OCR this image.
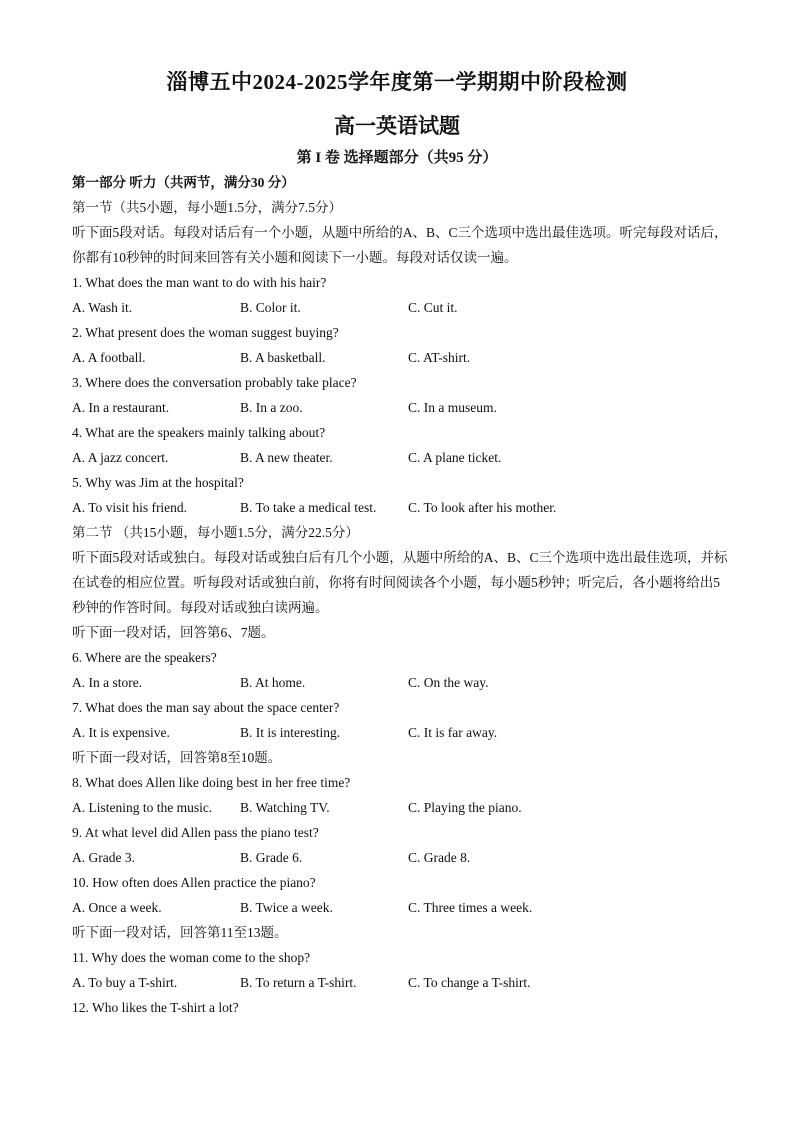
淄博五中2024-2025学年度第一学期期中阶段检测
高一英语试题
第 I 卷 选择题部分（共95 分）
第一部分 听力（共两节，满分30 分）
第一节（共5小题，每小题1.5分，满分7.5分）
听下面5段对话。每段对话后有一个小题，从题中所给的A、B、C三个选项中选出最佳选项。听完每段对话后，你都有10秒钟的时间来回答有关小题和阅读下一小题。每段对话仅读一遍。
1. What does the man want to do with his hair?
A. Wash it.	B. Color it.	C. Cut it.
2. What present does the woman suggest buying?
A. A football.	B. A basketball.	C. AT-shirt.
3. Where does the conversation probably take place?
A. In a restaurant.	B. In a zoo.	C. In a museum.
4. What are the speakers mainly talking about?
A. A jazz concert.	B. A new theater.	C. A plane ticket.
5. Why was Jim at the hospital?
A. To visit his friend.	B. To take a medical test. C. To look after his mother.
第二节 （共15小题，每小题1.5分，满分22.5分）
听下面5段对话或独白。每段对话或独白后有几个小题，从题中所给的A、B、C三个选项中选出最佳选项，并标在试卷的相应位置。听每段对话或独白前，你将有时间阅读各个小题，每小题5秒钟；听完后，各小题将给出5秒钟的作答时间。每段对话或独白读两遍。
听下面一段对话，回答第6、7题。
6. Where are the speakers?
A. In a store.	B. At home.	C. On the way.
7. What does the man say about the space center?
A. It is expensive.	B. It is interesting.	C. It is far away.
听下面一段对话，回答第8至10题。
8. What does Allen like doing best in her free time?
A. Listening to the music. B. Watching TV.	C. Playing the piano.
9. At what level did Allen pass the piano test?
A. Grade 3.	B. Grade 6.	C. Grade 8.
10. How often does Allen practice the piano?
A. Once a week.	B. Twice a week.	C. Three times a week.
听下面一段对话，回答第11至13题。
11. Why does the woman come to the shop?
A. To buy a T-shirt.	B. To return a T-shirt.	C. To change a T-shirt.
12. Who likes the T-shirt a lot?
